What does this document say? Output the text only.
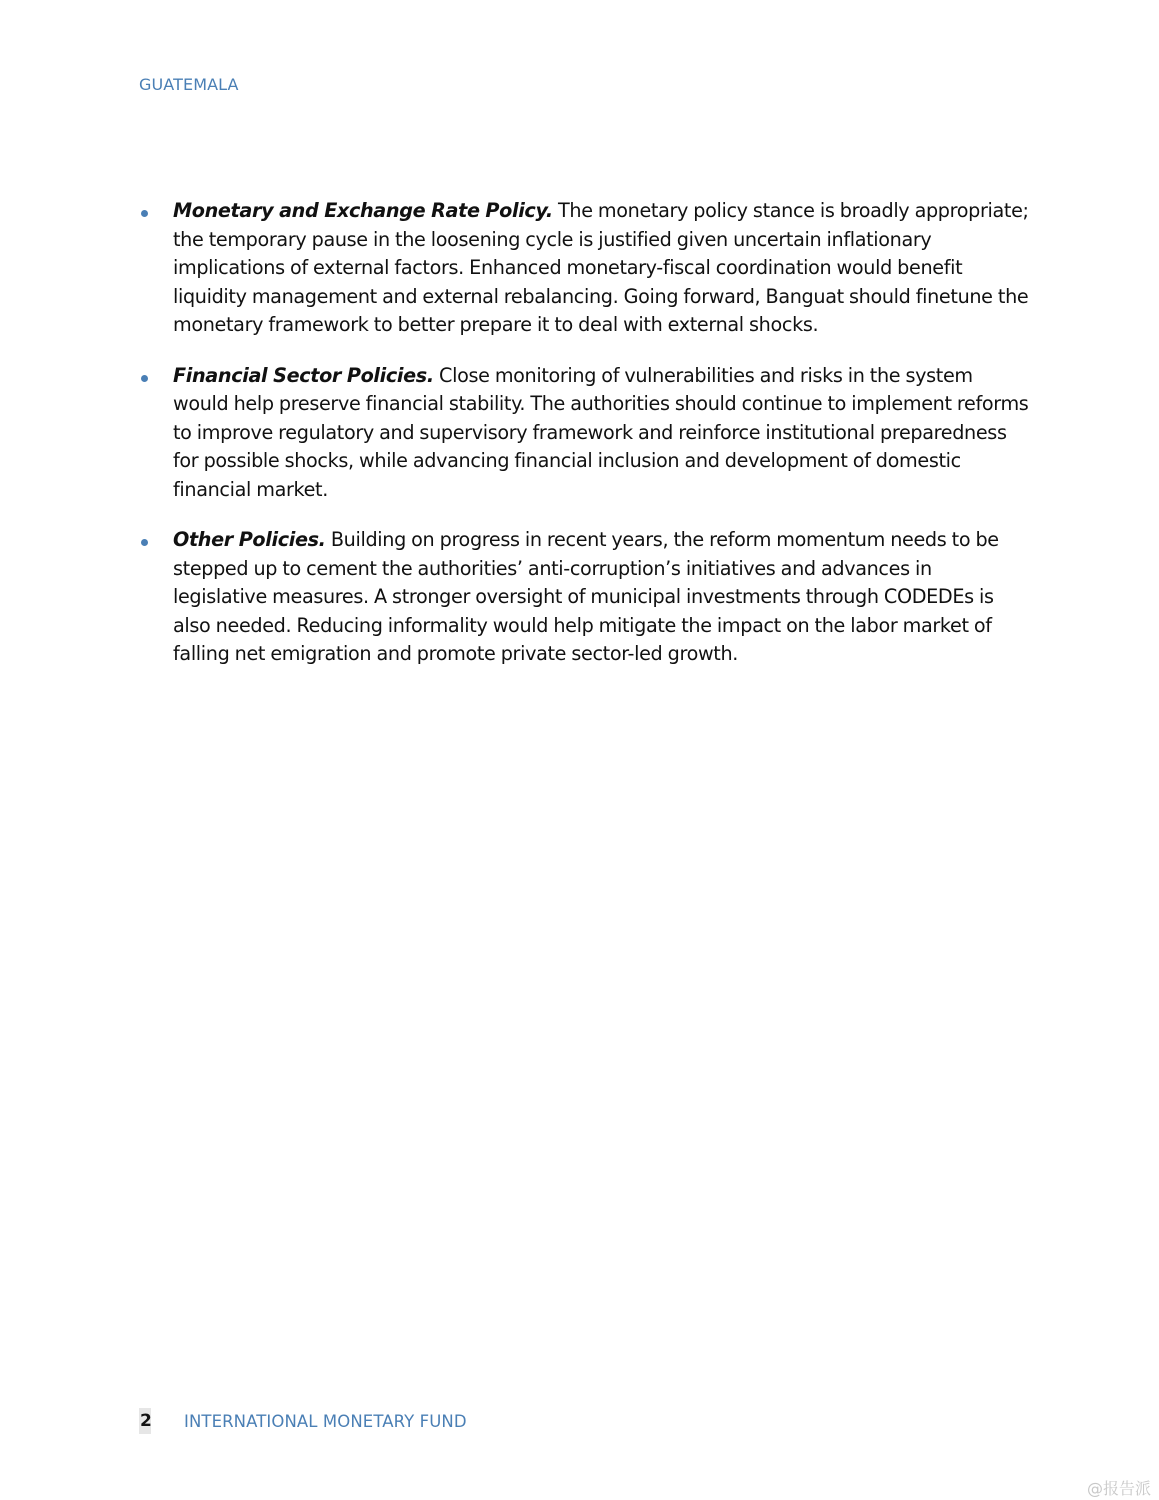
GUATEMALA
Monetary and Exchange Rate Policy. The monetary policy stance is broadly appropriate; the temporary pause in the loosening cycle is justified given uncertain inflationary implications of external factors. Enhanced monetary-fiscal coordination would benefit liquidity management and external rebalancing. Going forward, Banguat should finetune the monetary framework to better prepare it to deal with external shocks.
Financial Sector Policies. Close monitoring of vulnerabilities and risks in the system would help preserve financial stability. The authorities should continue to implement reforms to improve regulatory and supervisory framework and reinforce institutional preparedness for possible shocks, while advancing financial inclusion and development of domestic financial market.
Other Policies. Building on progress in recent years, the reform momentum needs to be stepped up to cement the authorities’ anti-corruption’s initiatives and advances in legislative measures. A stronger oversight of municipal investments through CODEDEs is also needed. Reducing informality would help mitigate the impact on the labor market of falling net emigration and promote private sector-led growth.
2 INTERNATIONAL MONETARY FUND
@报告派
